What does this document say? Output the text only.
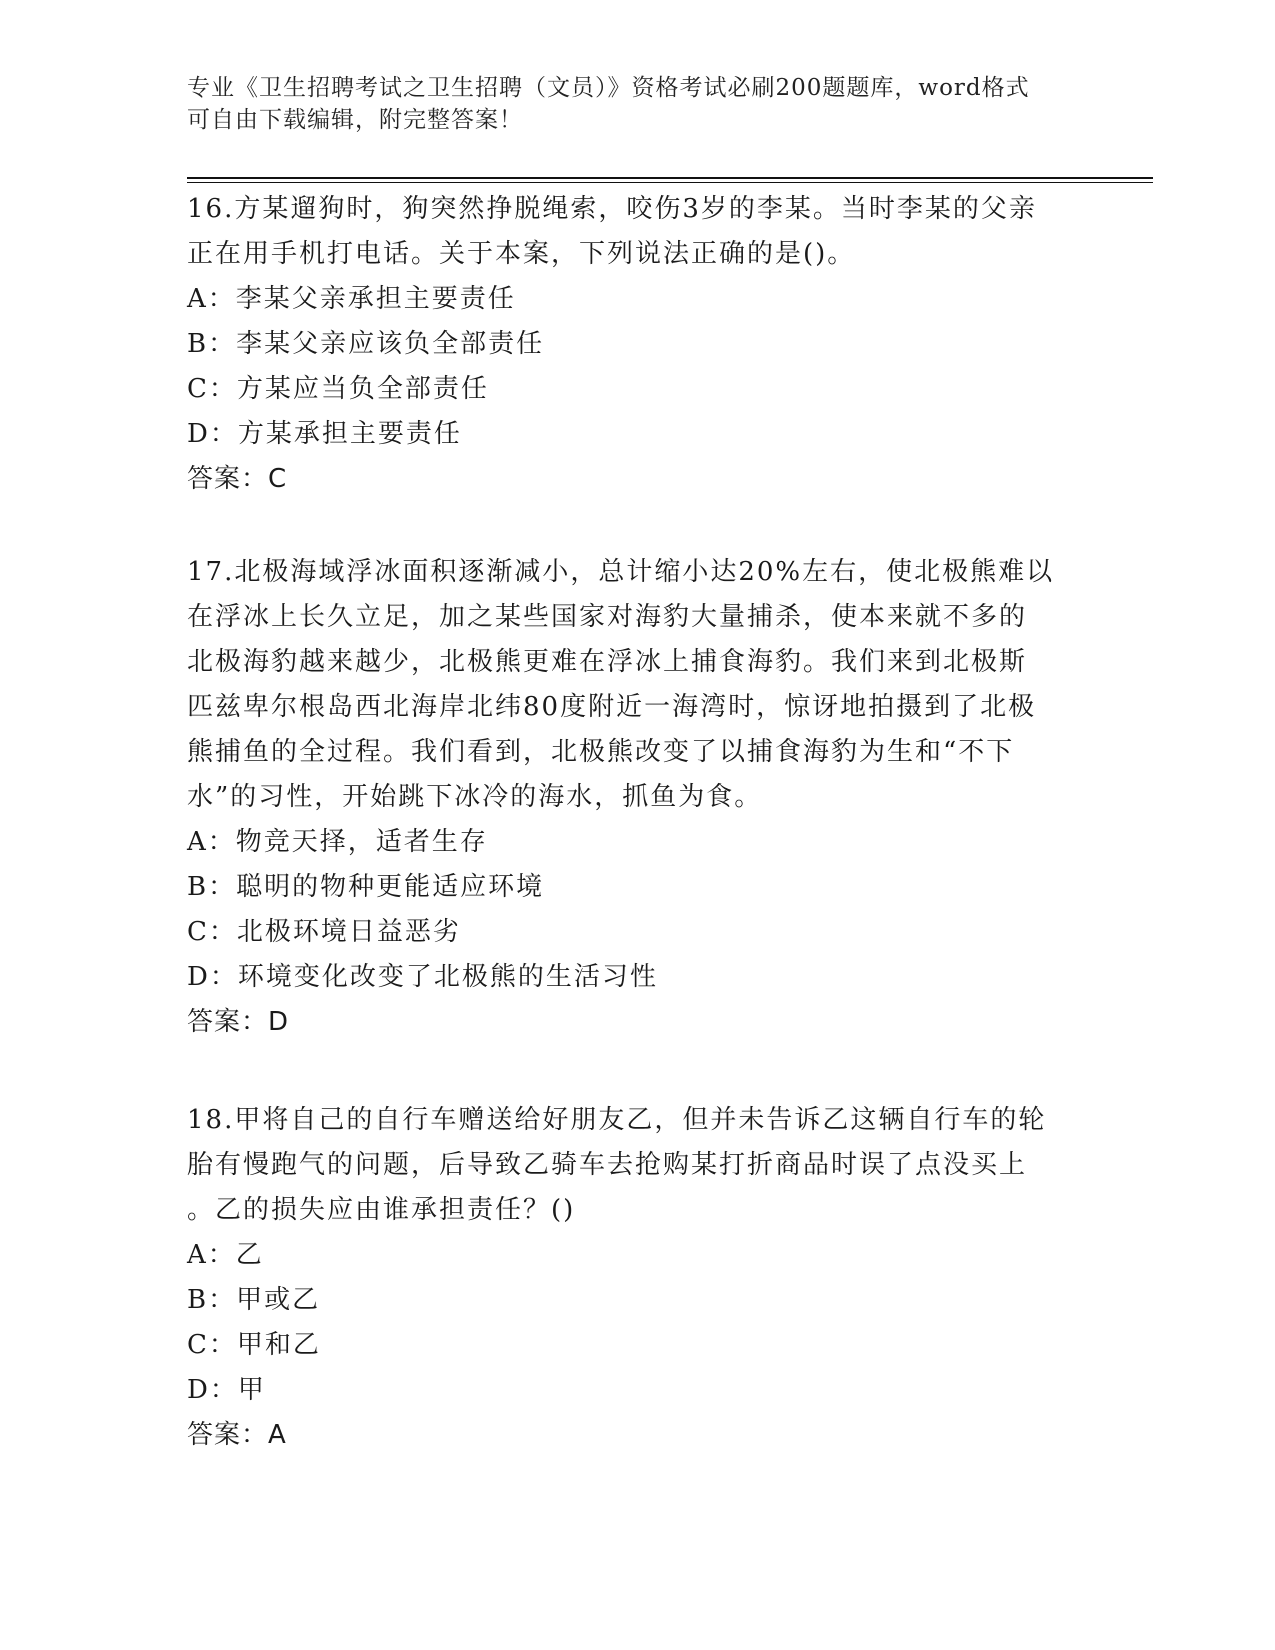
专业《卫生招聘考试之卫生招聘（文员）》资格考试必刷200题题库，word格式
可自由下载编辑，附完整答案！

16.方某遛狗时，狗突然挣脱绳索，咬伤3岁的李某。当时李某的父亲

正在用手机打电话。关于本案，下列说法正确的是()。

A：李某父亲承担主要责任

B：李某父亲应该负全部责任

C：方某应当负全部责任

D：方某承担主要责任

答案：C

17.北极海域浮冰面积逐渐减小，总计缩小达20%左右，使北极熊难以

在浮冰上长久立足，加之某些国家对海豹大量捕杀，使本来就不多的

北极海豹越来越少，北极熊更难在浮冰上捕食海豹。我们来到北极斯

匹兹卑尔根岛西北海岸北纬80度附近一海湾时，惊讶地拍摄到了北极

熊捕鱼的全过程。我们看到，北极熊改变了以捕食海豹为生和“不下

水”的习性，开始跳下冰冷的海水，抓鱼为食。

A：物竞天择，适者生存

B：聪明的物种更能适应环境

C：北极环境日益恶劣

D：环境变化改变了北极熊的生活习性

答案：D

18.甲将自己的自行车赠送给好朋友乙，但并未告诉乙这辆自行车的轮

胎有慢跑气的问题，后导致乙骑车去抢购某打折商品时误了点没买上

。乙的损失应由谁承担责任？()

A：乙

B：甲或乙

C：甲和乙

D：甲

答案：A
